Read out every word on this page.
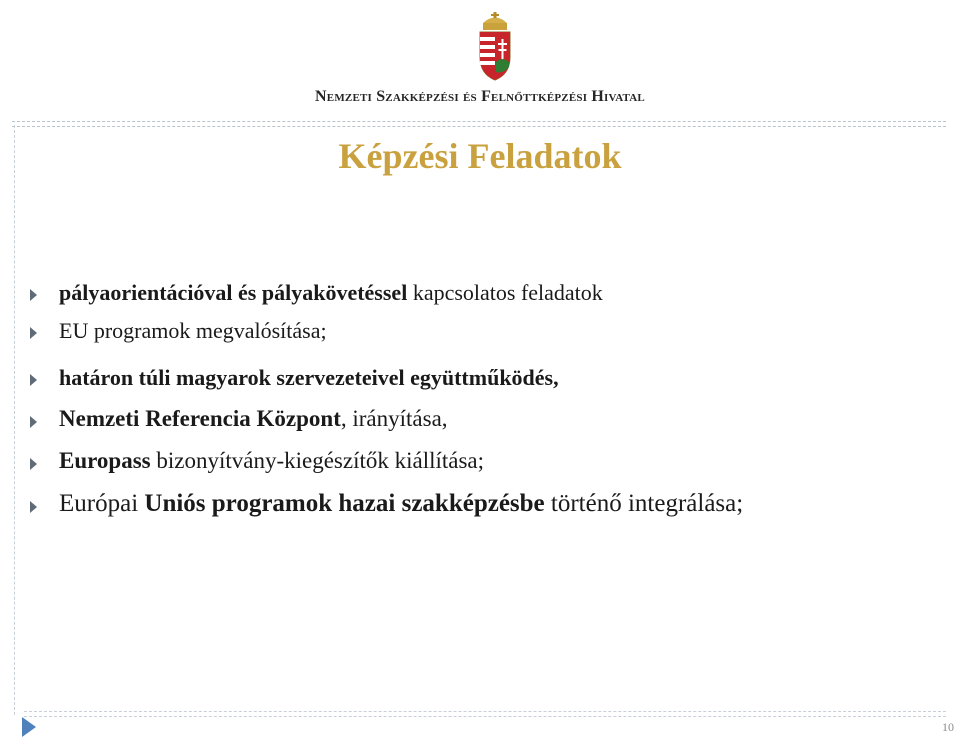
Nemzeti Szakképzési és Felnőttképzési Hivatal
Képzési Feladatok
pályaorientációval és pályakövetéssel kapcsolatos feladatok
EU programok megvalósítása;
határon túli magyarok szervezeteivel együttműködés,
Nemzeti Referencia Központ, irányítása,
Europass bizonyítvány-kiegészítők kiállítása;
Európai Uniós programok hazai szakképzésbe történő integrálása;
10
